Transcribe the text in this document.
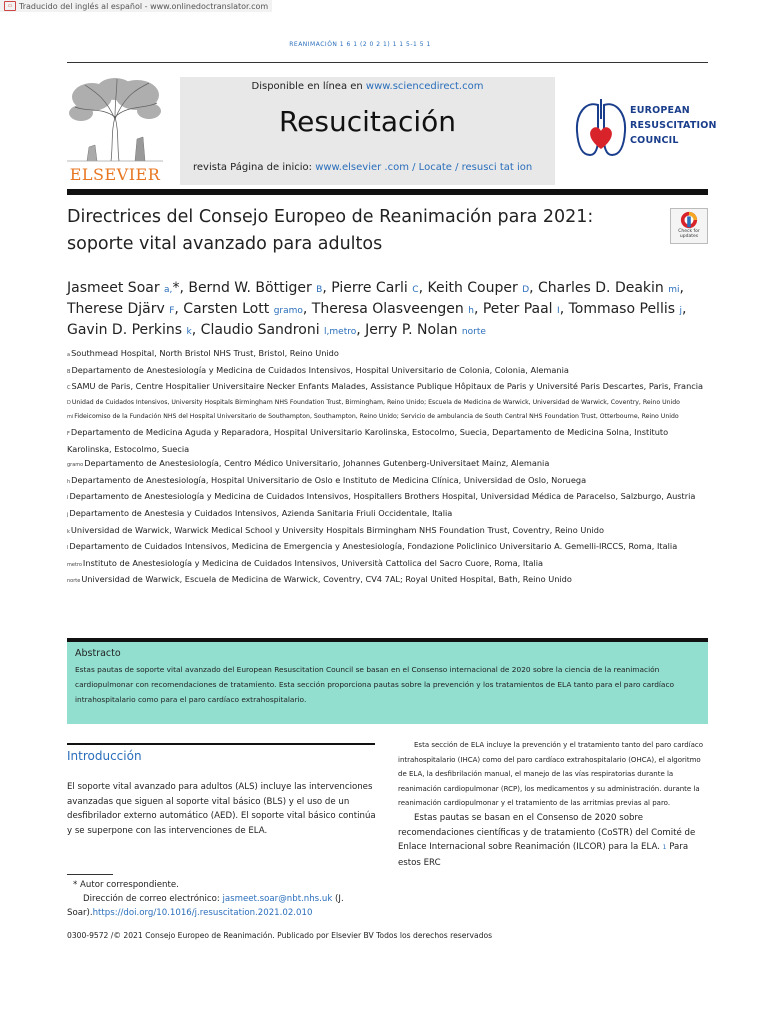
▭ Traducido del inglés al español - www.onlinedoctranslator.com
REANIMACIÓN 1 6 1 (2 0 2 1) 1 1 5-1 5 1
ELSEVIER
Disponible en línea en www.sciencedirect.com
Resucitación
revista Página de inicio: www.elsevier .com / Locate / resusci tat ion
EUROPEAN
RESUSCITATION
COUNCIL
Directrices del Consejo Europeo de Reanimación para 2021:
soporte vital avanzado para adultos
Check for
updates
Jasmeet Soar a,*, Bernd W. Böttiger B, Pierre Carli C, Keith Couper D, Charles D. Deakin mi, Therese Djärv F, Carsten Lott gramo, Theresa Olasveengen h, Peter Paal I, Tommaso Pellis j, Gavin D. Perkins k, Claudio Sandroni l,metro, Jerry P. Nolan norte
aSouthmead Hospital, North Bristol NHS Trust, Bristol, Reino Unido
BDepartamento de Anestesiología y Medicina de Cuidados Intensivos, Hospital Universitario de Colonia, Colonia, Alemania
CSAMU de Paris, Centre Hospitalier Universitaire Necker Enfants Malades, Assistance Publique Hôpitaux de Paris y Université Paris Descartes, Paris, Francia
DUnidad de Cuidados Intensivos, University Hospitals Birmingham NHS Foundation Trust, Birmingham, Reino Unido; Escuela de Medicina de Warwick, Universidad de Warwick, Coventry, Reino Unido
miFideicomiso de la Fundación NHS del Hospital Universitario de Southampton, Southampton, Reino Unido; Servicio de ambulancia de South Central NHS Foundation Trust, Otterbourne, Reino Unido
FDepartamento de Medicina Aguda y Reparadora, Hospital Universitario Karolinska, Estocolmo, Suecia, Departamento de Medicina Solna, Instituto Karolinska, Estocolmo, Suecia
gramoDepartamento de Anestesiología, Centro Médico Universitario, Johannes Gutenberg-Universitaet Mainz, Alemania
hDepartamento de Anestesiología, Hospital Universitario de Oslo e Instituto de Medicina Clínica, Universidad de Oslo, Noruega
IDepartamento de Anestesiología y Medicina de Cuidados Intensivos, Hospitallers Brothers Hospital, Universidad Médica de Paracelso, Salzburgo, Austria
jDepartamento de Anestesia y Cuidados Intensivos, Azienda Sanitaria Friuli Occidentale, Italia
kUniversidad de Warwick, Warwick Medical School y University Hospitals Birmingham NHS Foundation Trust, Coventry, Reino Unido
lDepartamento de Cuidados Intensivos, Medicina de Emergencia y Anestesiología, Fondazione Policlinico Universitario A. Gemelli-IRCCS, Roma, Italia
metroInstituto de Anestesiología y Medicina de Cuidados Intensivos, Università Cattolica del Sacro Cuore, Roma, Italia
norteUniversidad de Warwick, Escuela de Medicina de Warwick, Coventry, CV4 7AL; Royal United Hospital, Bath, Reino Unido
Abstracto
Estas pautas de soporte vital avanzado del European Resuscitation Council se basan en el Consenso internacional de 2020 sobre la ciencia de la reanimación
cardiopulmonar con recomendaciones de tratamiento. Esta sección proporciona pautas sobre la prevención y los tratamientos de ELA tanto para el paro cardíaco
intrahospitalario como para el paro cardíaco extrahospitalario.
Introducción
El soporte vital avanzado para adultos (ALS) incluye las intervenciones avanzadas que siguen al soporte vital básico (BLS) y el uso de un desfibrilador externo automático (AED). El soporte vital básico continúa y se superpone con las intervenciones de ELA.
Esta sección de ELA incluye la prevención y el tratamiento tanto del paro cardíaco intrahospitalario (IHCA) como del paro cardíaco extrahospitalario (OHCA), el algoritmo de ELA, la desfibrilación manual, el manejo de las vías respiratorias durante la reanimación cardiopulmonar (RCP), los medicamentos y su administración. durante la reanimación cardiopulmonar y el tratamiento de las arritmias previas al paro.
Estas pautas se basan en el Consenso de 2020 sobre recomendaciones científicas y de tratamiento (CoSTR) del Comité de Enlace Internacional sobre Reanimación (ILCOR) para la ELA. 1 Para estos ERC
* Autor correspondiente.
Dirección de correo electrónico: jasmeet.soar@nbt.nhs.uk (J.
Soar).https://doi.org/10.1016/j.resuscitation.2021.02.010
0300-9572 /© 2021 Consejo Europeo de Reanimación. Publicado por Elsevier BV Todos los derechos reservados
